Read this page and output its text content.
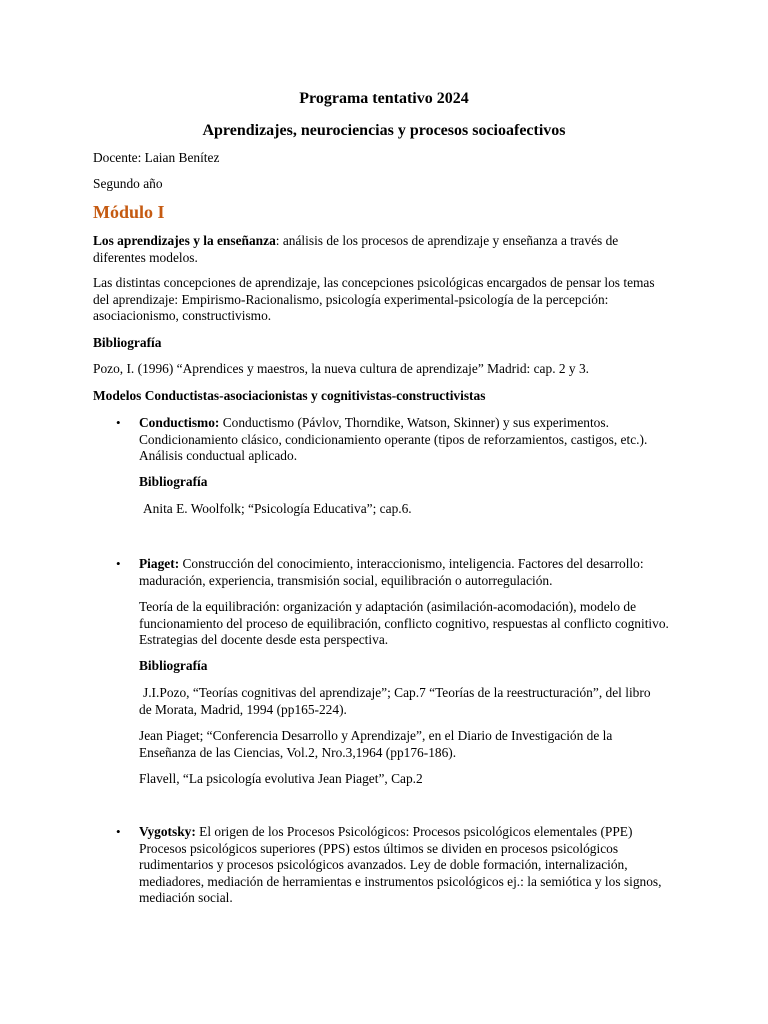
Programa tentativo 2024
Aprendizajes, neurociencias y procesos socioafectivos

Docente: Laian Benítez

Segundo año

Módulo I

Los aprendizajes y la enseñanza: análisis de los procesos de aprendizaje y enseñanza a través de diferentes modelos.

Las distintas concepciones de aprendizaje, las concepciones psicológicas encargados de pensar los temas del aprendizaje: Empirismo-Racionalismo, psicología experimental-psicología de la percepción: asociacionismo, constructivismo.

Bibliografía

Pozo, I. (1996) “Aprendices y maestros, la nueva cultura de aprendizaje” Madrid: cap. 2 y 3.

Modelos Conductistas-asociacionistas y cognitivistas-constructivistas

• Conductismo: Conductismo (Pávlov, Thorndike, Watson, Skinner) y sus experimentos. Condicionamiento clásico, condicionamiento operante (tipos de reforzamientos, castigos, etc.). Análisis conductual aplicado.

Bibliografía

Anita E. Woolfolk; “Psicología Educativa”; cap.6.

• Piaget: Construcción del conocimiento, interaccionismo, inteligencia. Factores del desarrollo: maduración, experiencia, transmisión social, equilibración o autorregulación.

Teoría de la equilibración: organización y adaptación (asimilación-acomodación), modelo de funcionamiento del proceso de equilibración, conflicto cognitivo, respuestas al conflicto cognitivo. Estrategias del docente desde esta perspectiva.

Bibliografía

J.I.Pozo, “Teorías cognitivas del aprendizaje”; Cap.7 “Teorías de la reestructuración”, del libro de Morata, Madrid, 1994 (pp165-224).

Jean Piaget; “Conferencia Desarrollo y Aprendizaje”, en el Diario de Investigación de la Enseñanza de las Ciencias, Vol.2, Nro.3,1964 (pp176-186).

Flavell, “La psicología evolutiva Jean Piaget”, Cap.2

• Vygotsky: El origen de los Procesos Psicológicos: Procesos psicológicos elementales (PPE) Procesos psicológicos superiores (PPS) estos últimos se dividen en procesos psicológicos rudimentarios y procesos psicológicos avanzados. Ley de doble formación, internalización, mediadores, mediación de herramientas e instrumentos psicológicos ej.: la semiótica y los signos, mediación social.
